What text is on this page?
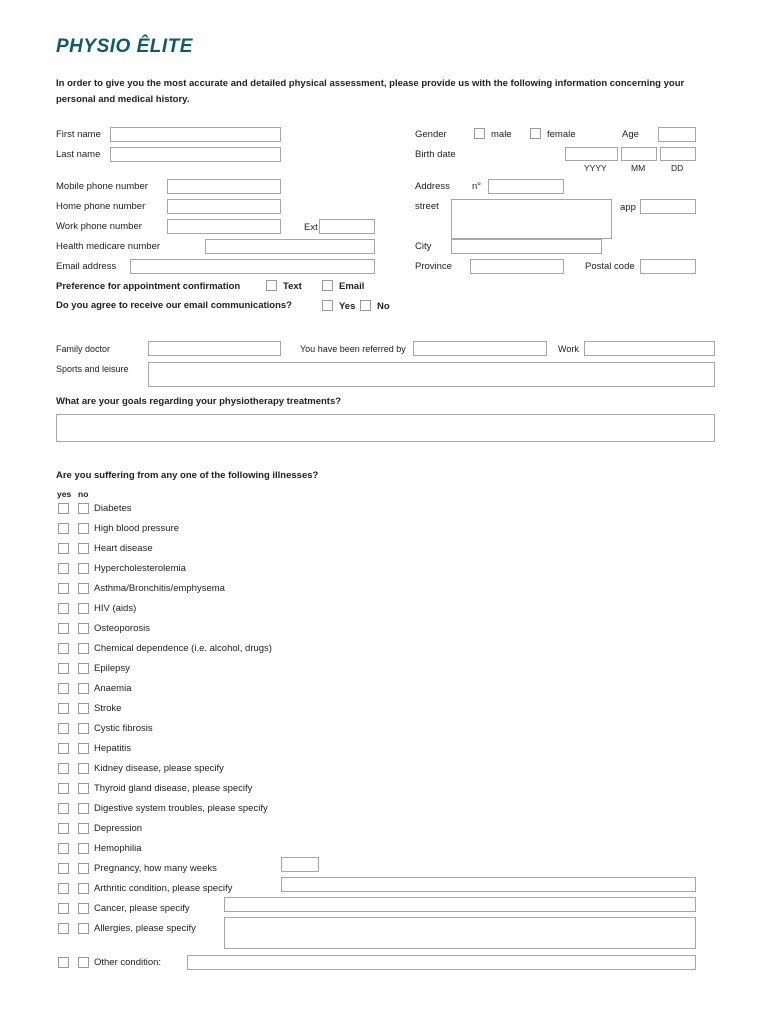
PHYSIO ÊLITE
In order to give you the most accurate and detailed physical assessment, please provide us with the following information concerning your personal and medical history.
First name
Last name
Mobile phone number
Home phone number
Work phone number	Ext
Health medicare number
Email address
Preference for appointment confirmation	Text	Email
Do you agree to receive our email communications?	Yes No
Gender	male	female	Age
Birth date
YYYY	MM	DD
Address n°
street	app
City
Province	Postal code
Family doctor	You have been referred by	Work
Sports and leisure
What are your goals regarding your physiotherapy treatments?
Are you suffering from any one of the following illnesses?
yes no
Diabetes
High blood pressure
Heart disease
Hypercholesterolemia
Asthma/Bronchitis/emphysema
HIV (aids)
Osteoporosis
Chemical dependence (i.e. alcohol, drugs)
Epilepsy
Anaemia
Stroke
Cystic fibrosis
Hepatitis
Kidney disease, please specify
Thyroid gland disease, please specify
Digestive system troubles, please specify
Depression
Hemophilia
Pregnancy, how many weeks
Arthritic condition, please specify
Cancer, please specify
Allergies, please specify
Other condition:
